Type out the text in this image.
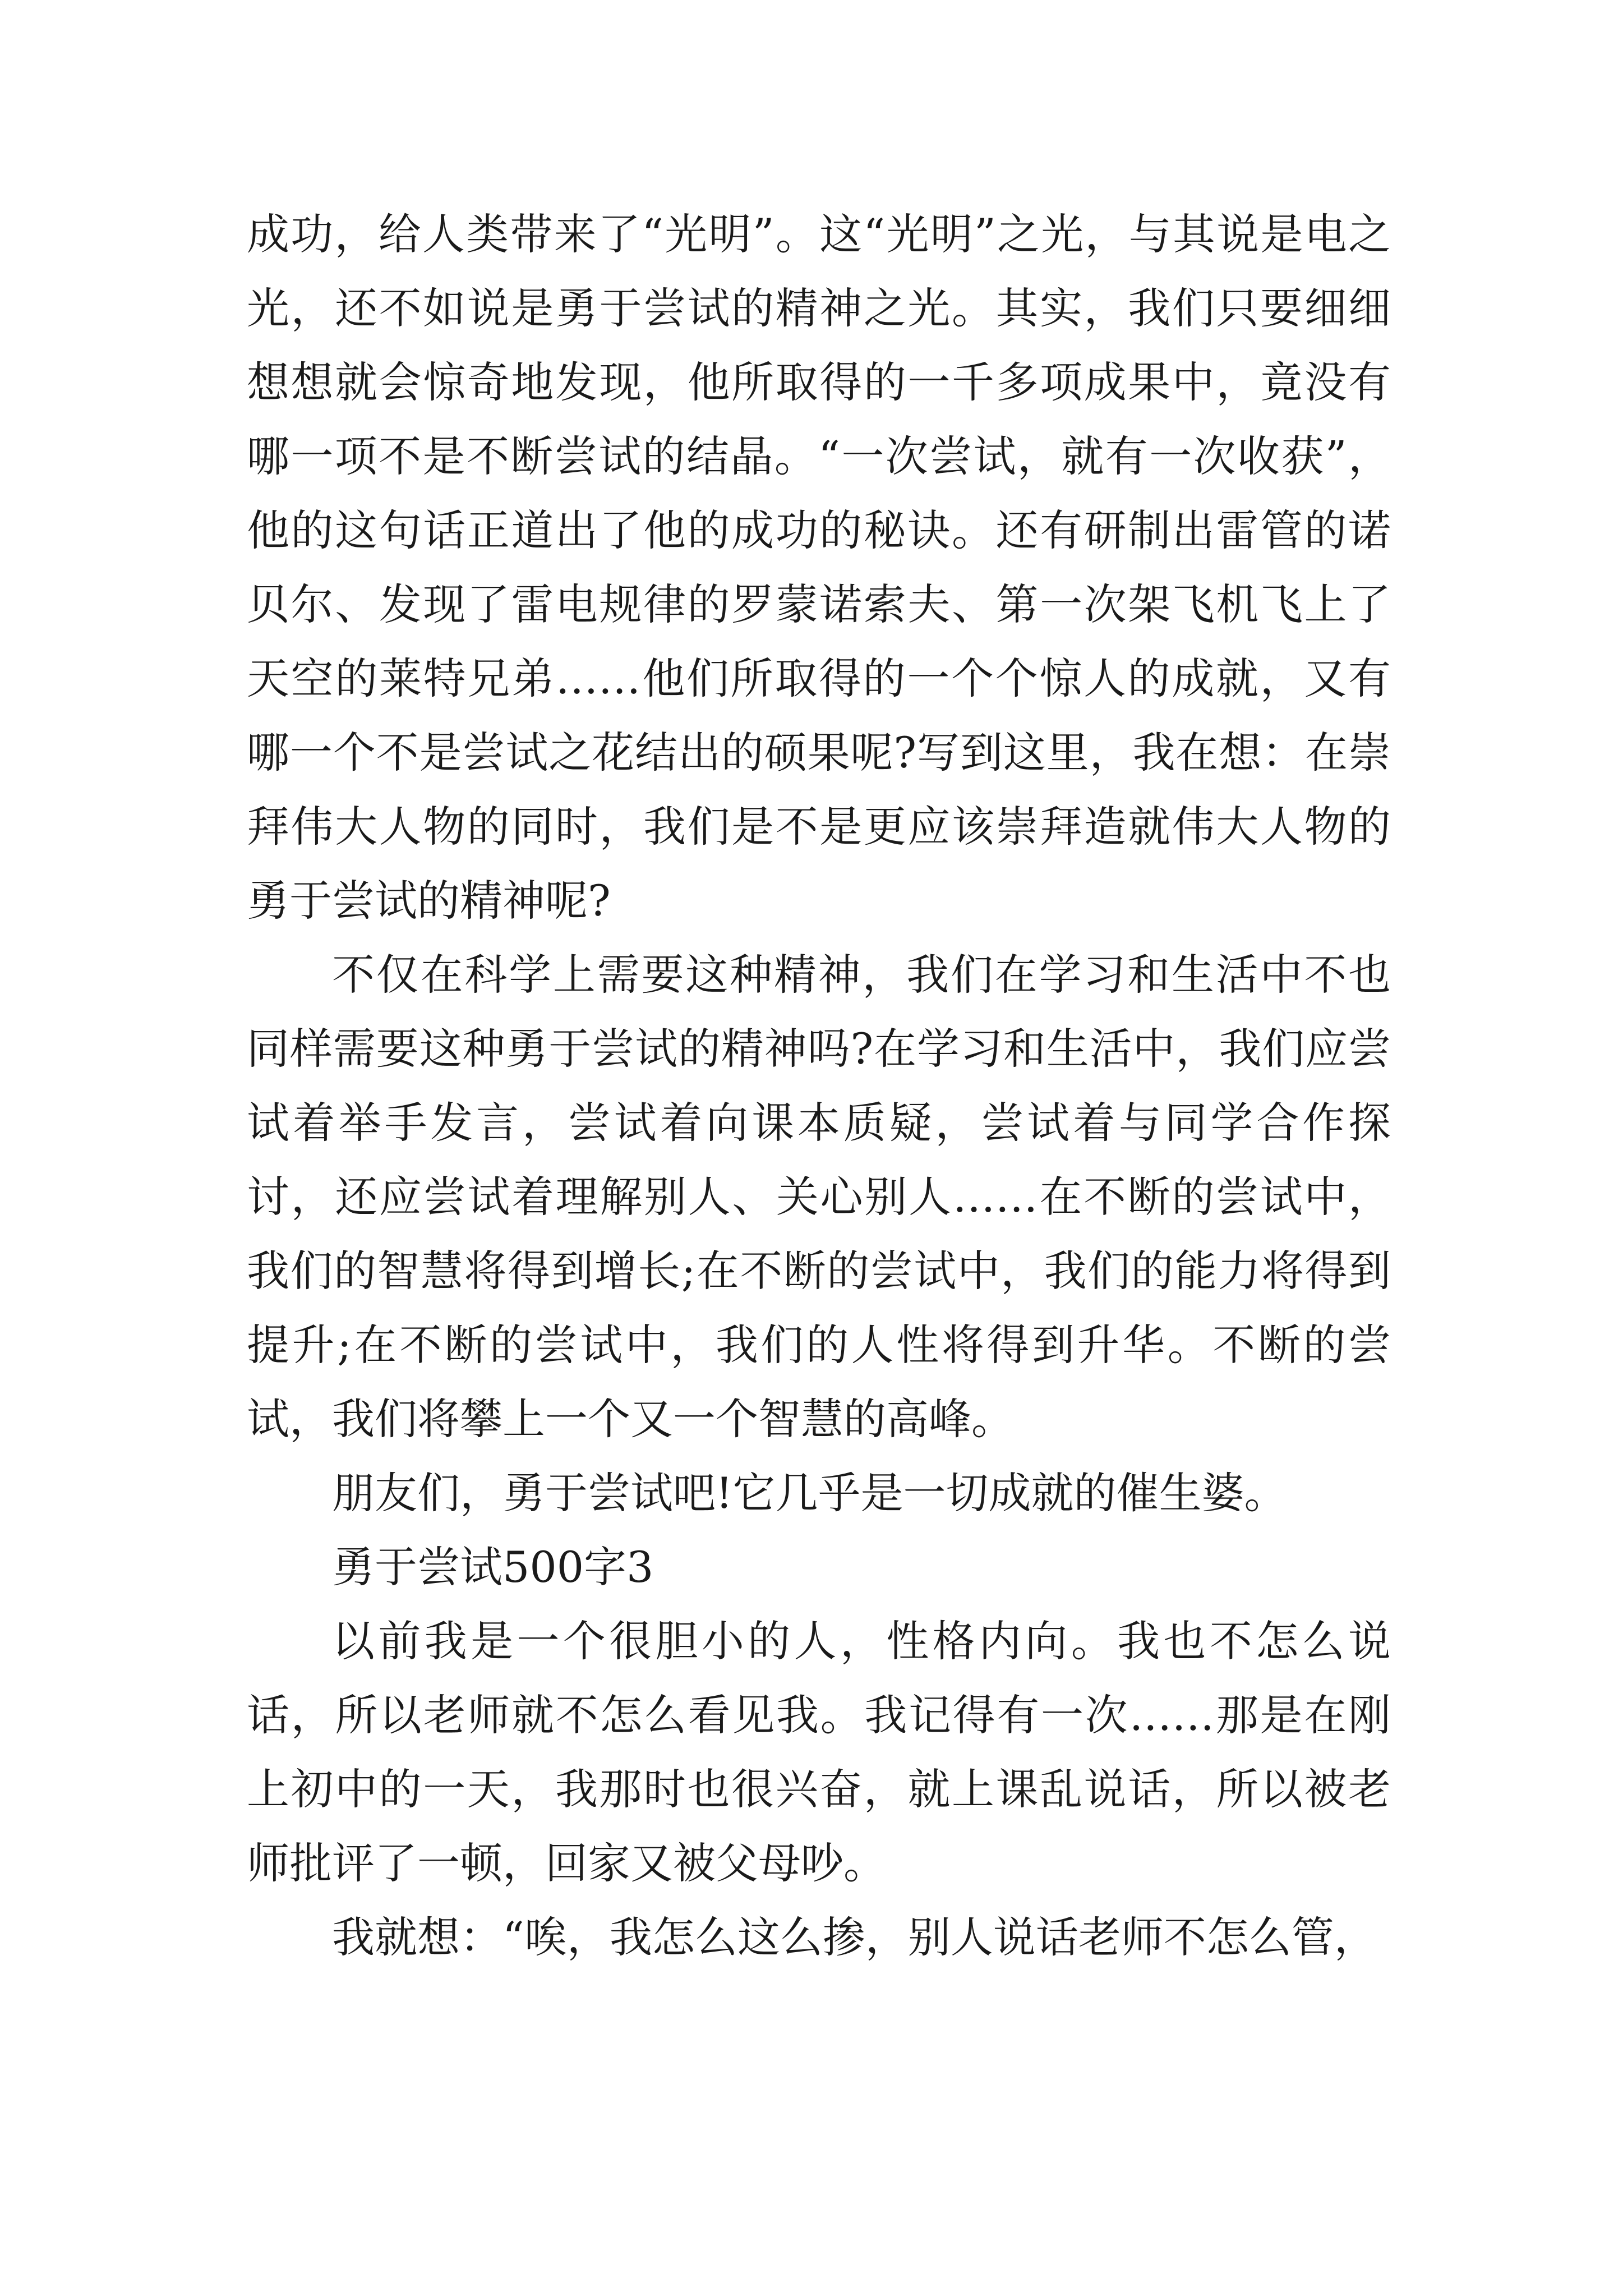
成功，给人类带来了“光明”。这“光明”之光，与其说是电之光，还不如说是勇于尝试的精神之光。其实，我们只要细细想想就会惊奇地发现，他所取得的一千多项成果中，竟没有哪一项不是不断尝试的结晶。“一次尝试，就有一次收获”，他的这句话正道出了他的成功的秘诀。还有研制出雷管的诺贝尔、发现了雷电规律的罗蒙诺索夫、第一次架飞机飞上了天空的莱特兄弟……他们所取得的一个个惊人的成就，又有哪一个不是尝试之花结出的硕果呢?写到这里，我在想：在崇拜伟大人物的同时，我们是不是更应该崇拜造就伟大人物的勇于尝试的精神呢?

不仅在科学上需要这种精神，我们在学习和生活中不也同样需要这种勇于尝试的精神吗?在学习和生活中，我们应尝试着举手发言，尝试着向课本质疑，尝试着与同学合作探讨，还应尝试着理解别人、关心别人……在不断的尝试中，我们的智慧将得到增长;在不断的尝试中，我们的能力将得到提升;在不断的尝试中，我们的人性将得到升华。不断的尝试，我们将攀上一个又一个智慧的高峰。

朋友们，勇于尝试吧!它几乎是一切成就的催生婆。

勇于尝试500字3

以前我是一个很胆小的人，性格内向。我也不怎么说话，所以老师就不怎么看见我。我记得有一次……那是在刚上初中的一天，我那时也很兴奋，就上课乱说话，所以被老师批评了一顿，回家又被父母吵。

我就想：“唉，我怎么这么掺，别人说话老师不怎么管，
